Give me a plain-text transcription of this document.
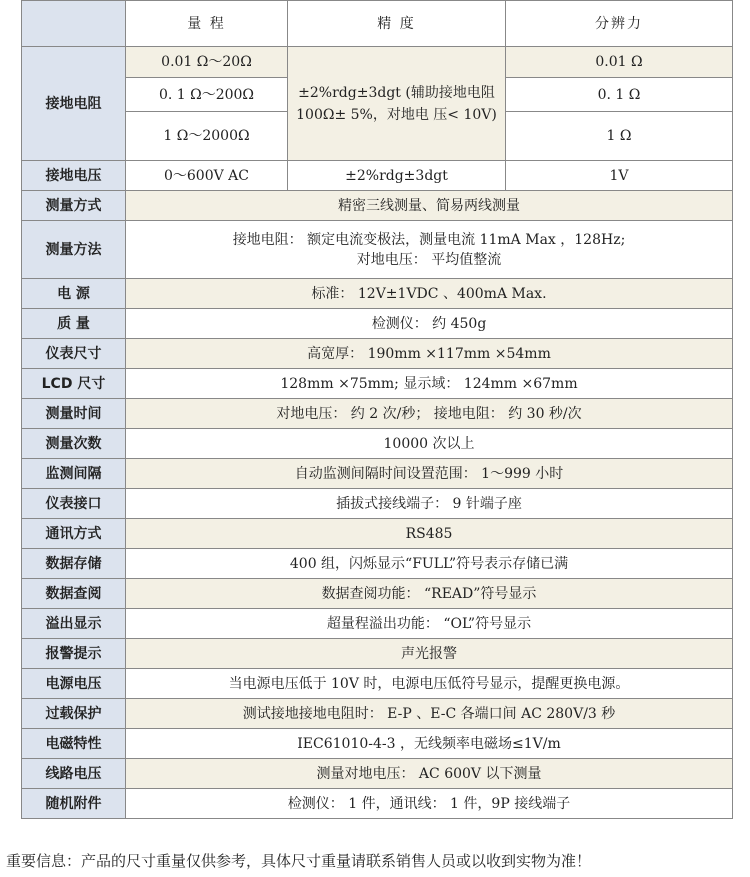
	量 程	精 度	分辨力
接地电阻	0.01 Ω～20Ω	±2%rdg±3dgt (辅助接地电阻 100Ω± 5%，对地电 压< 10V)	0.01 Ω
	0. 1 Ω～200Ω		0. 1 Ω
	1 Ω～2000Ω		1 Ω
接地电压	0～600V AC	±2%rdg±3dgt	1V
测量方式	精密三线测量、简易两线测量		
测量方法	接地电阻： 额定电流变极法，测量电流 11mA Max ，128Hz;
对地电压： 平均值整流		
电 源	标准： 12V±1VDC 、400mA Max.		
质 量	检测仪： 约 450g		
仪表尺寸	高宽厚： 190mm ×117mm ×54mm		
LCD 尺寸	128mm ×75mm; 显示域： 124mm ×67mm		
测量时间	对地电压： 约 2 次/秒； 接地电阻： 约 30 秒/次		
测量次数	10000 次以上		
监测间隔	自动监测间隔时间设置范围： 1～999 小时		
仪表接口	插拔式接线端子： 9 针端子座		
通讯方式	RS485		
数据存储	400 组，闪烁显示“FULL”符号表示存储已满		
数据查阅	数据查阅功能： “READ”符号显示		
溢出显示	超量程溢出功能： “OL”符号显示		
报警提示	声光报警		
电源电压	当电源电压低于 10V 时，电源电压低符号显示，提醒更换电源。		
过载保护	测试接地接地电阻时： E-P 、E-C 各端口间 AC 280V/3 秒		
电磁特性	IEC61010-4-3 ，无线频率电磁场≤1V/m		
线路电压	测量对地电压： AC 600V 以下测量		
随机附件	检测仪： 1 件，通讯线： 1 件，9P 接线端子		
重要信息：产品的尺寸重量仅供参考，具体尺寸重量请联系销售人员或以收到实物为准！
